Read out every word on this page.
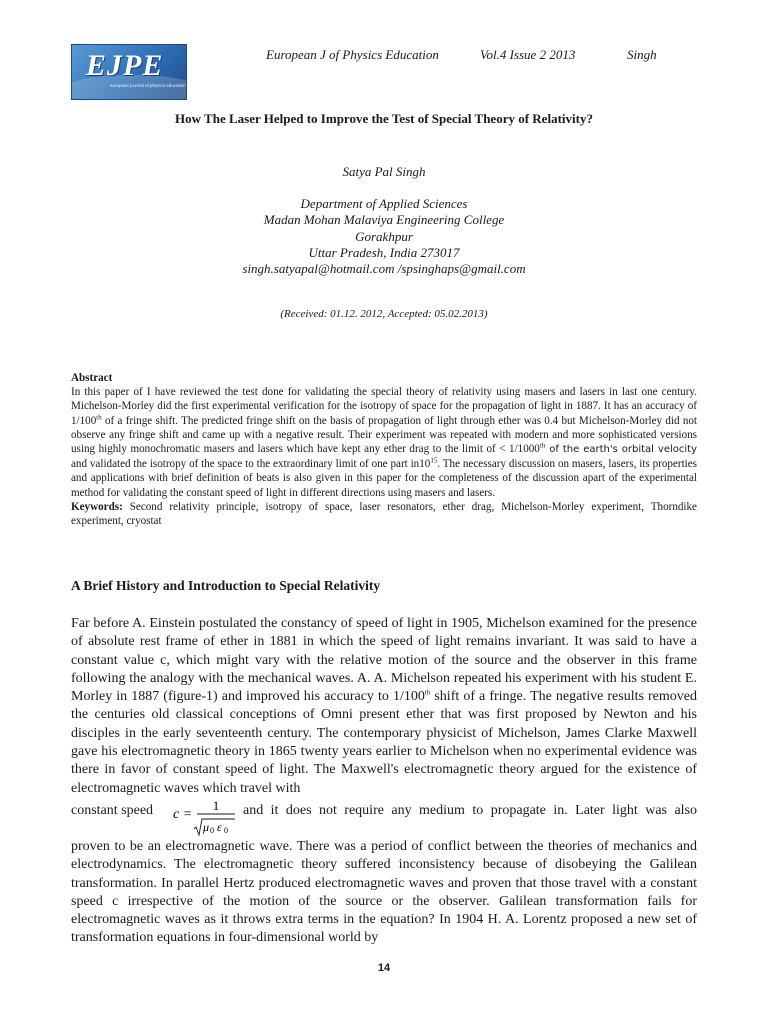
EJPE
european journal of physics education
European J of Physics Education	Vol.4 Issue 2 2013	Singh
How The Laser Helped to Improve the Test of Special Theory of Relativity?
Satya Pal Singh
Department of Applied Sciences
Madan Mohan Malaviya Engineering College
Gorakhpur
Uttar Pradesh, India 273017
singh.satyapal@hotmail.com /spsinghaps@gmail.com
(Received: 01.12. 2012, Accepted: 05.02.2013)

Abstract

In this paper of I have reviewed the test done for validating the special theory of relativity using masers and lasers in last one century. Michelson-Morley did the first experimental verification for the isotropy of space for the propagation of light in 1887. It has an accuracy of 1/100th of a fringe shift. The predicted fringe shift on the basis of propagation of light through ether was 0.4 but Michelson-Morley did not observe any fringe shift and came up with a negative result. Their experiment was repeated with modern and more sophisticated versions using highly monochromatic masers and lasers which have kept any ether drag to the limit of < 1/1000th of the earth's orbital velocity and validated the isotropy of the space to the extraordinary limit of one part $in10^{15}$. The necessary discussion on masers, lasers, its properties and applications with brief definition of beats is also given in this paper for the completeness of the discussion apart of the experimental method for validating the constant speed of light in different directions using masers and lasers.

Keywords: Second relativity principle, isotropy of space, laser resonators, ether drag, Michelson-Morley experiment, Thorndike experiment, cryostat

A Brief History and Introduction to Special Relativity

Far before A. Einstein postulated the constancy of speed of light in 1905, Michelson examined for the presence of absolute rest frame of ether in 1881 in which the speed of light remains invariant. It was said to have a constant value c, which might vary with the relative motion of the source and the observer in this frame following the analogy with the mechanical waves. A. A. Michelson repeated his experiment with his student E. Morley in 1887 (figure-1) and improved his accuracy to 1/100th shift of a fringe. The negative results removed the centuries old classical conceptions of Omni present ether that was first proposed by Newton and his disciples in the early seventeenth century. The contemporary physicist of Michelson, James Clarke Maxwell gave his electromagnetic theory in 1865 twenty years earlier to Michelson when no experimental evidence was there in favor of constant speed of light. The Maxwell's electromagnetic theory argued for the existence of electromagnetic waves which travel with

constant speed c =
1
μ 0 ε 0
and it does not require any medium to propagate in. Later light was also

proven to be an electromagnetic wave. There was a period of conflict between the theories of mechanics and electrodynamics. The electromagnetic theory suffered inconsistency because of disobeying the Galilean transformation. In parallel Hertz produced electromagnetic waves and proven that those travel with a constant speed c irrespective of the motion of the source or the observer. Galilean transformation fails for electromagnetic waves as it throws extra terms in the equation? In 1904 H. A. Lorentz proposed a new set of transformation equations in four-dimensional world by

14
